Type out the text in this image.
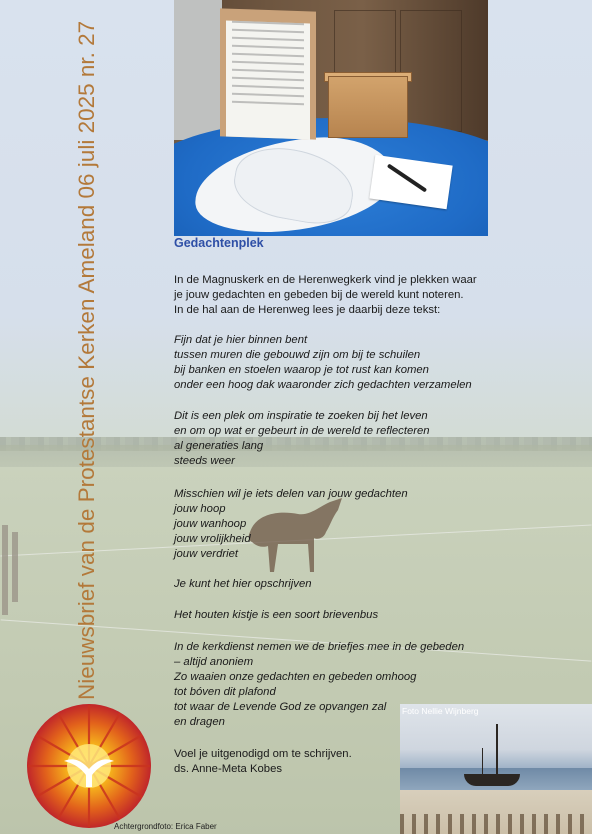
Nieuwsbrief van de Protestantse Kerken Ameland 06 juli 2025 nr. 27	Gedachtenplek
In de Magnuskerk en de Herenwegkerk vind je plekken waar
je jouw gedachten en gebeden bij de wereld kunt noteren.
In de hal aan de Herenweg lees je daarbij deze tekst:
Fijn dat je hier binnen bent
tussen muren die gebouwd zijn om bij te schuilen
bij banken en stoelen waarop je tot rust kan komen
onder een hoog dak waaronder zich gedachten verzamelen
Dit is een plek om inspiratie te zoeken bij het leven
en om op wat er gebeurt in de wereld te reflecteren
al generaties lang
steeds weer
Misschien wil je iets delen van jouw gedachten
jouw hoop
jouw wanhoop
jouw vrolijkheid
jouw verdriet
Je kunt het hier opschrijven
Het houten kistje is een soort brievenbus
In de kerkdienst nemen we de briefjes mee in de gebeden
– altijd anoniem
Zo waaien onze gedachten en gebeden omhoog
tot bóven dit plafond
tot waar de Levende God ze opvangen zal
en dragen
Voel je uitgenodigd om te schrijven.
ds. Anne-Meta Kobes
Foto Nellie Wijnberg
Achtergrondfoto: Erica Faber
